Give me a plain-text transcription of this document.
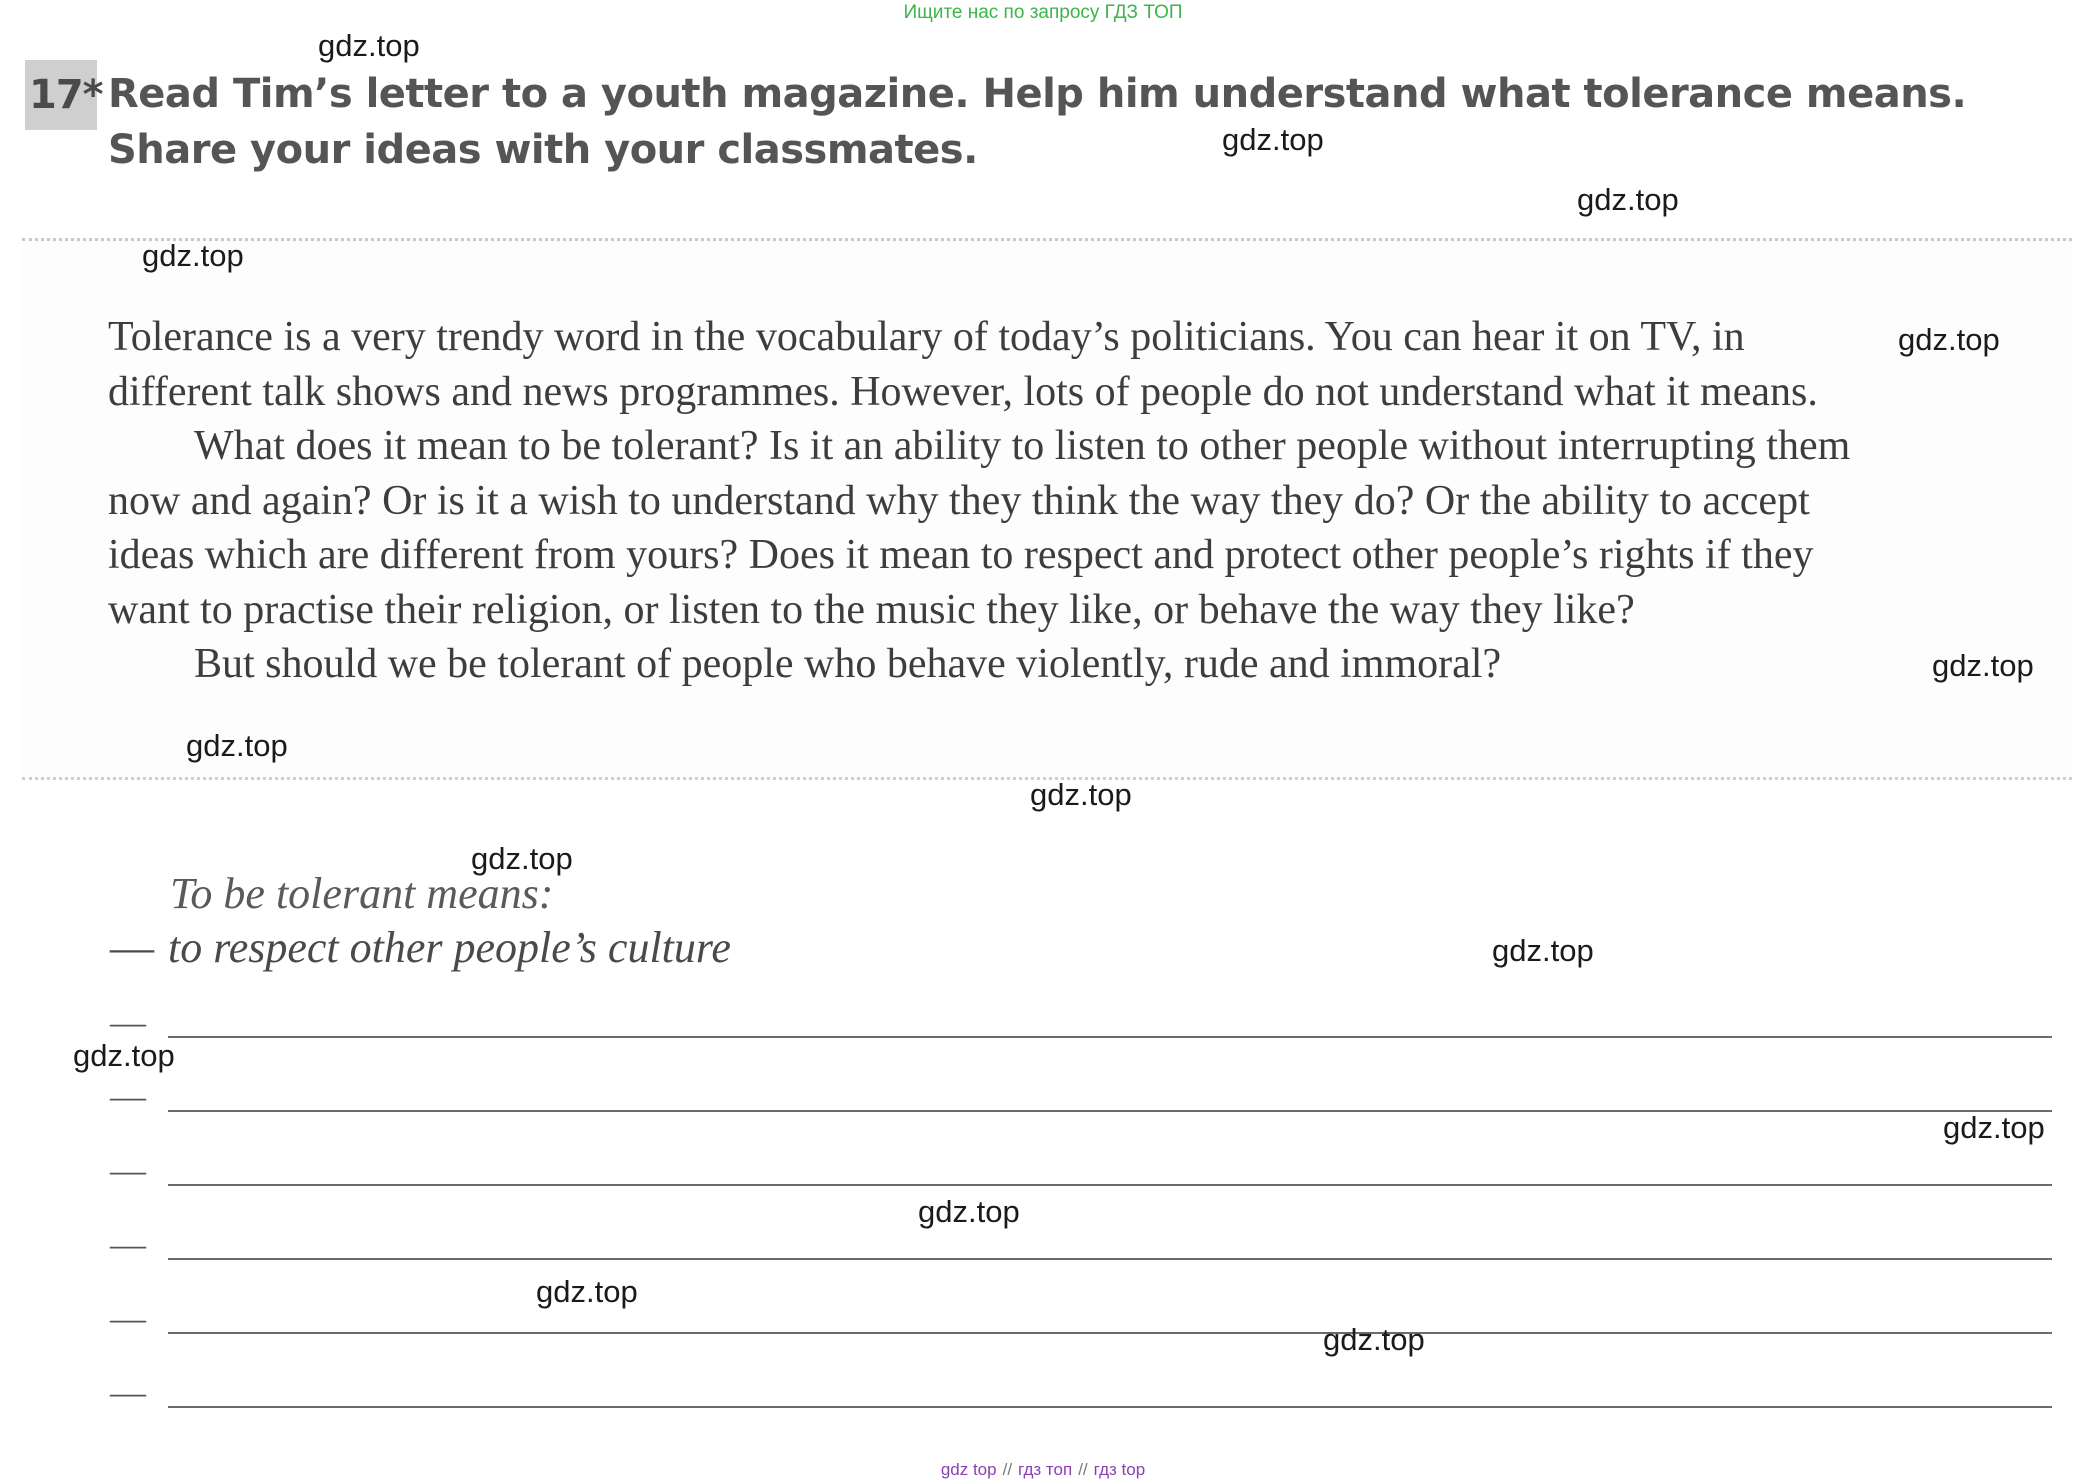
Ищите нас по запросу ГДЗ ТОП
17* Read Tim’s letter to a youth magazine. Help him understand what tolerance means.
Share your ideas with your classmates.

Tolerance is a very trendy word in the vocabulary of today’s politicians. You can hear it on TV, in

different talk shows and news programmes. However, lots of people do not understand what it means.

What does it mean to be tolerant? Is it an ability to listen to other people without interrupting them

now and again? Or is it a wish to understand why they think the way they do? Or the ability to accept

ideas which are different from yours? Does it mean to respect and protect other people’s rights if they

want to practise their religion, or listen to the music they like, or behave the way they like?

But should we be tolerant of people who behave violently, rude and immoral?

To be tolerant means:
— to respect other people’s culture
—
—
—
—
—
—
gdz.top
gdz.top
gdz.top
gdz.top
gdz.top
gdz.top
gdz.top
gdz.top
gdz.top
gdz.top
gdz.top
gdz.top
gdz.top
gdz.top
gdz.top
gdz top // гдз топ // гдз top
